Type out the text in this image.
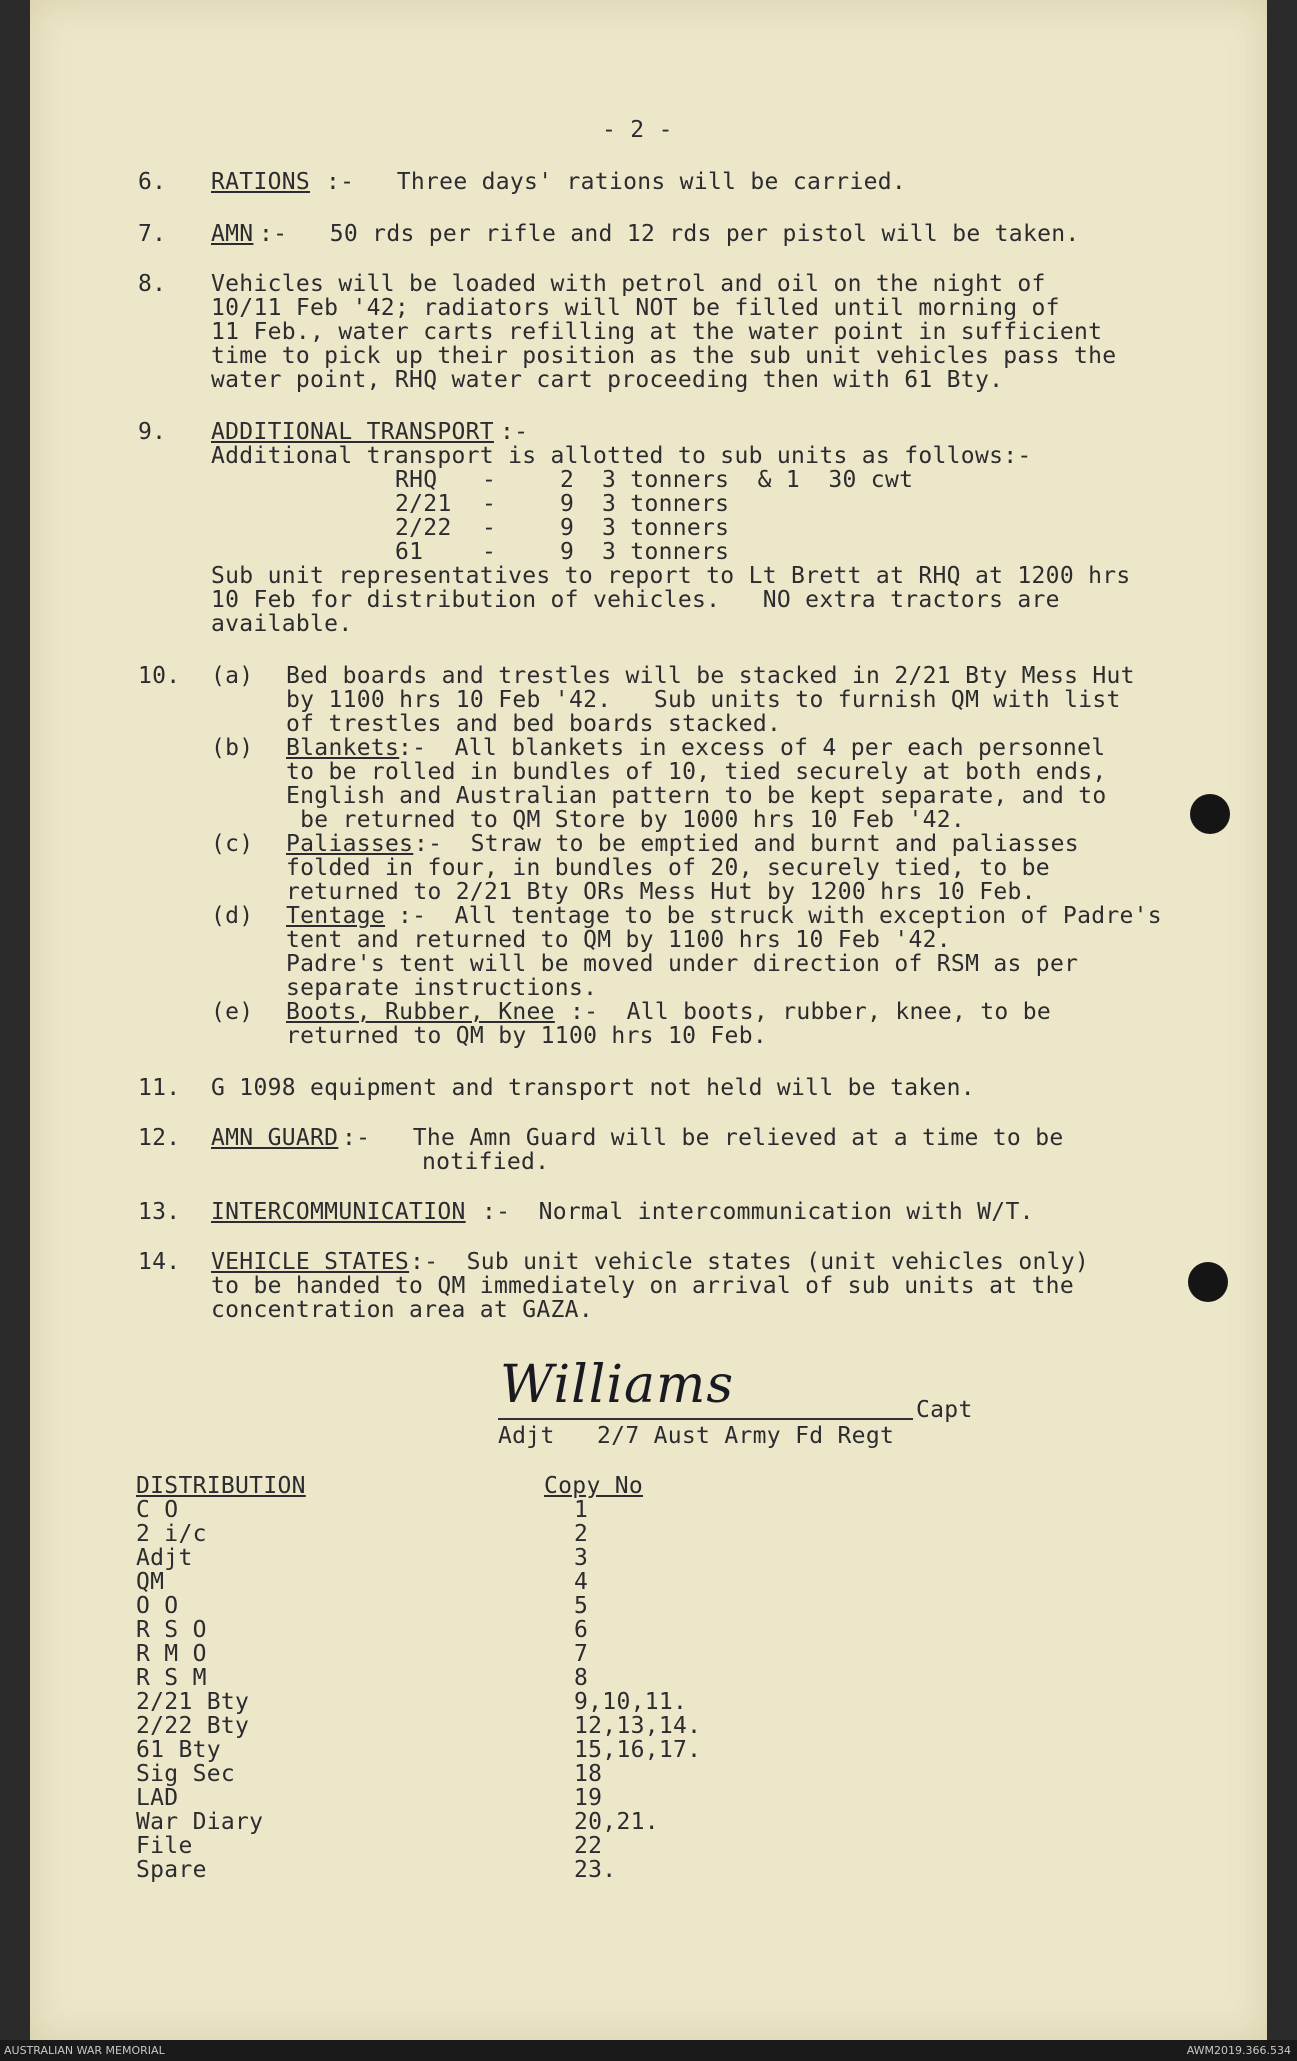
- 2 -
6. RATIONS :-   Three days' rations will be carried.
7. AMN :-   50 rds per rifle and 12 rds per pistol will be taken.
8. Vehicles will be loaded with petrol and oil on the night of
10/11 Feb '42; radiators will NOT be filled until morning of
11 Feb., water carts refilling at the water point in sufficient
time to pick up their position as the sub unit vehicles pass the
water point, RHQ water cart proceeding then with 61 Bty.
9. ADDITIONAL TRANSPORT :-
Additional transport is allotted to sub units as follows:-
RHQ -	2 3 tonners  & 1  30 cwt
2/21 -	9 3 tonners
2/22 -	9 3 tonners
61	-	9 3 tonners
Sub unit representatives to report to Lt Brett at RHQ at 1200 hrs
10 Feb for distribution of vehicles.   NO extra tractors are
available.
10. (a) Bed boards and trestles will be stacked in 2/21 Bty Mess Hut
by 1100 hrs 10 Feb '42.   Sub units to furnish QM with list
of trestles and bed boards stacked.
(b) Blankets
:-  All blankets in excess of 4 per each personnel
to be rolled in bundles of 10, tied securely at both ends,
English and Australian pattern to be kept separate, and to
be returned to QM Store by 1000 hrs 10 Feb '42.
(c) Paliasses :-  Straw to be emptied and burnt and paliasses
folded in four, in bundles of 20, securely tied, to be
returned to 2/21 Bty ORs Mess Hut by 1200 hrs 10 Feb.
(d) Tentage :-  All tentage to be struck with exception of Padre's
tent and returned to QM by 1100 hrs 10 Feb '42.
Padre's tent will be moved under direction of RSM as per
separate instructions.
(e) Boots, Rubber, Knee :-  All boots, rubber, knee, to be
returned to QM by 1100 hrs 10 Feb.
11. G 1098 equipment and transport not held will be taken.
12. AMN GUARD :-   The Amn Guard will be relieved at a time to be
notified.
13. INTERCOMMUNICATION :-  Normal intercommunication with W/T.
14. VEHICLE STATES :-  Sub unit vehicle states (unit vehicles only)
to be handed to QM immediately on arrival of sub units at the
concentration area at GAZA.
Williams	Capt
Adjt   2/7 Aust Army Fd Regt
DISTRIBUTION	Copy No
C O	1
2 i/c	2
Adjt	3
QM	4
O O	5
R S O	6
R M O	7
R S M	8
2/21 Bty	9,10,11.
2/22 Bty	12,13,14.
61 Bty	15,16,17.
Sig Sec	18
LAD	19
War Diary	20,21.
File	22
Spare	23.
AUSTRALIAN WAR MEMORIAL	AWM2019.366.534
